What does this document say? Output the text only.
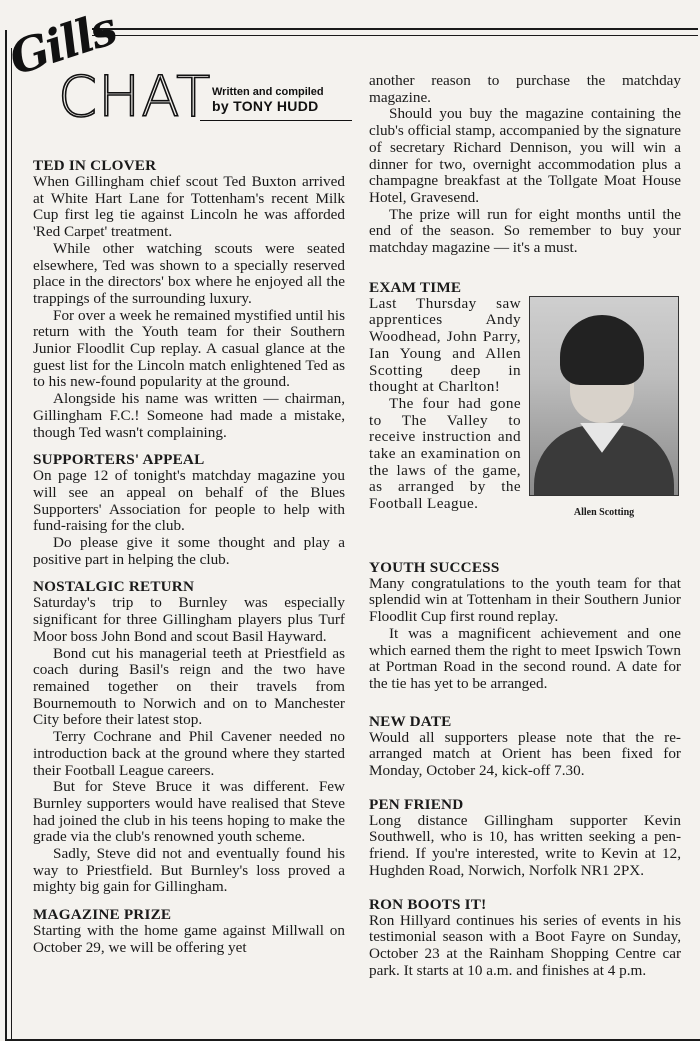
Gills
CHAT Written and compiled
by TONY HUDD
TED IN CLOVER

When Gillingham chief scout Ted Buxton arrived at White Hart Lane for Tottenham's recent Milk Cup first leg tie against Lincoln he was afforded 'Red Carpet' treatment.

While other watching scouts were seated elsewhere, Ted was shown to a specially reserved place in the directors' box where he enjoyed all the trappings of the surrounding luxury.

For over a week he remained mystified until his return with the Youth team for their Southern Junior Floodlit Cup replay. A casual glance at the guest list for the Lincoln match enlightened Ted as to his new-found popularity at the ground.

Alongside his name was written — chairman, Gillingham F.C.! Someone had made a mistake, though Ted wasn't complaining.

SUPPORTERS' APPEAL

On page 12 of tonight's matchday magazine you will see an appeal on behalf of the Blues Supporters' Association for people to help with fund-raising for the club.

Do please give it some thought and play a positive part in helping the club.

NOSTALGIC RETURN

Saturday's trip to Burnley was especially significant for three Gillingham players plus Turf Moor boss John Bond and scout Basil Hayward.

Bond cut his managerial teeth at Priestfield as coach during Basil's reign and the two have remained together on their travels from Bournemouth to Norwich and on to Manchester City before their latest stop.

Terry Cochrane and Phil Cavener needed no introduction back at the ground where they started their Football League careers.

But for Steve Bruce it was different. Few Burnley supporters would have realised that Steve had joined the club in his teens hoping to make the grade via the club's renowned youth scheme.

Sadly, Steve did not and eventually found his way to Priestfield. But Burnley's loss proved a mighty big gain for Gillingham.

MAGAZINE PRIZE

Starting with the home game against Millwall on October 29, we will be offering yet

another reason to purchase the matchday magazine.

Should you buy the magazine containing the club's official stamp, accompanied by the signature of secretary Richard Dennison, you will win a dinner for two, overnight accommodation plus a champagne breakfast at the Tollgate Moat House Hotel, Gravesend.

The prize will run for eight months until the end of the season. So remember to buy your matchday magazine — it's a must.

EXAM TIME

Last Thursday saw apprentices Andy Woodhead, John Parry, Ian Young and Allen Scotting deep in thought at Charlton!

The four had gone to The Valley to receive instruction and take an examination on the laws of the game, as arranged by the Football League.

Allen Scotting
YOUTH SUCCESS

Many congratulations to the youth team for that splendid win at Tottenham in their Southern Junior Floodlit Cup first round replay.

It was a magnificent achievement and one which earned them the right to meet Ipswich Town at Portman Road in the second round. A date for the tie has yet to be arranged.

NEW DATE

Would all supporters please note that the re-arranged match at Orient has been fixed for Monday, October 24, kick-off 7.30.

PEN FRIEND

Long distance Gillingham supporter Kevin Southwell, who is 10, has written seeking a pen-friend. If you're interested, write to Kevin at 12, Hughden Road, Norwich, Norfolk NR1 2PX.

RON BOOTS IT!

Ron Hillyard continues his series of events in his testimonial season with a Boot Fayre on Sunday, October 23 at the Rainham Shopping Centre car park. It starts at 10 a.m. and finishes at 4 p.m.
